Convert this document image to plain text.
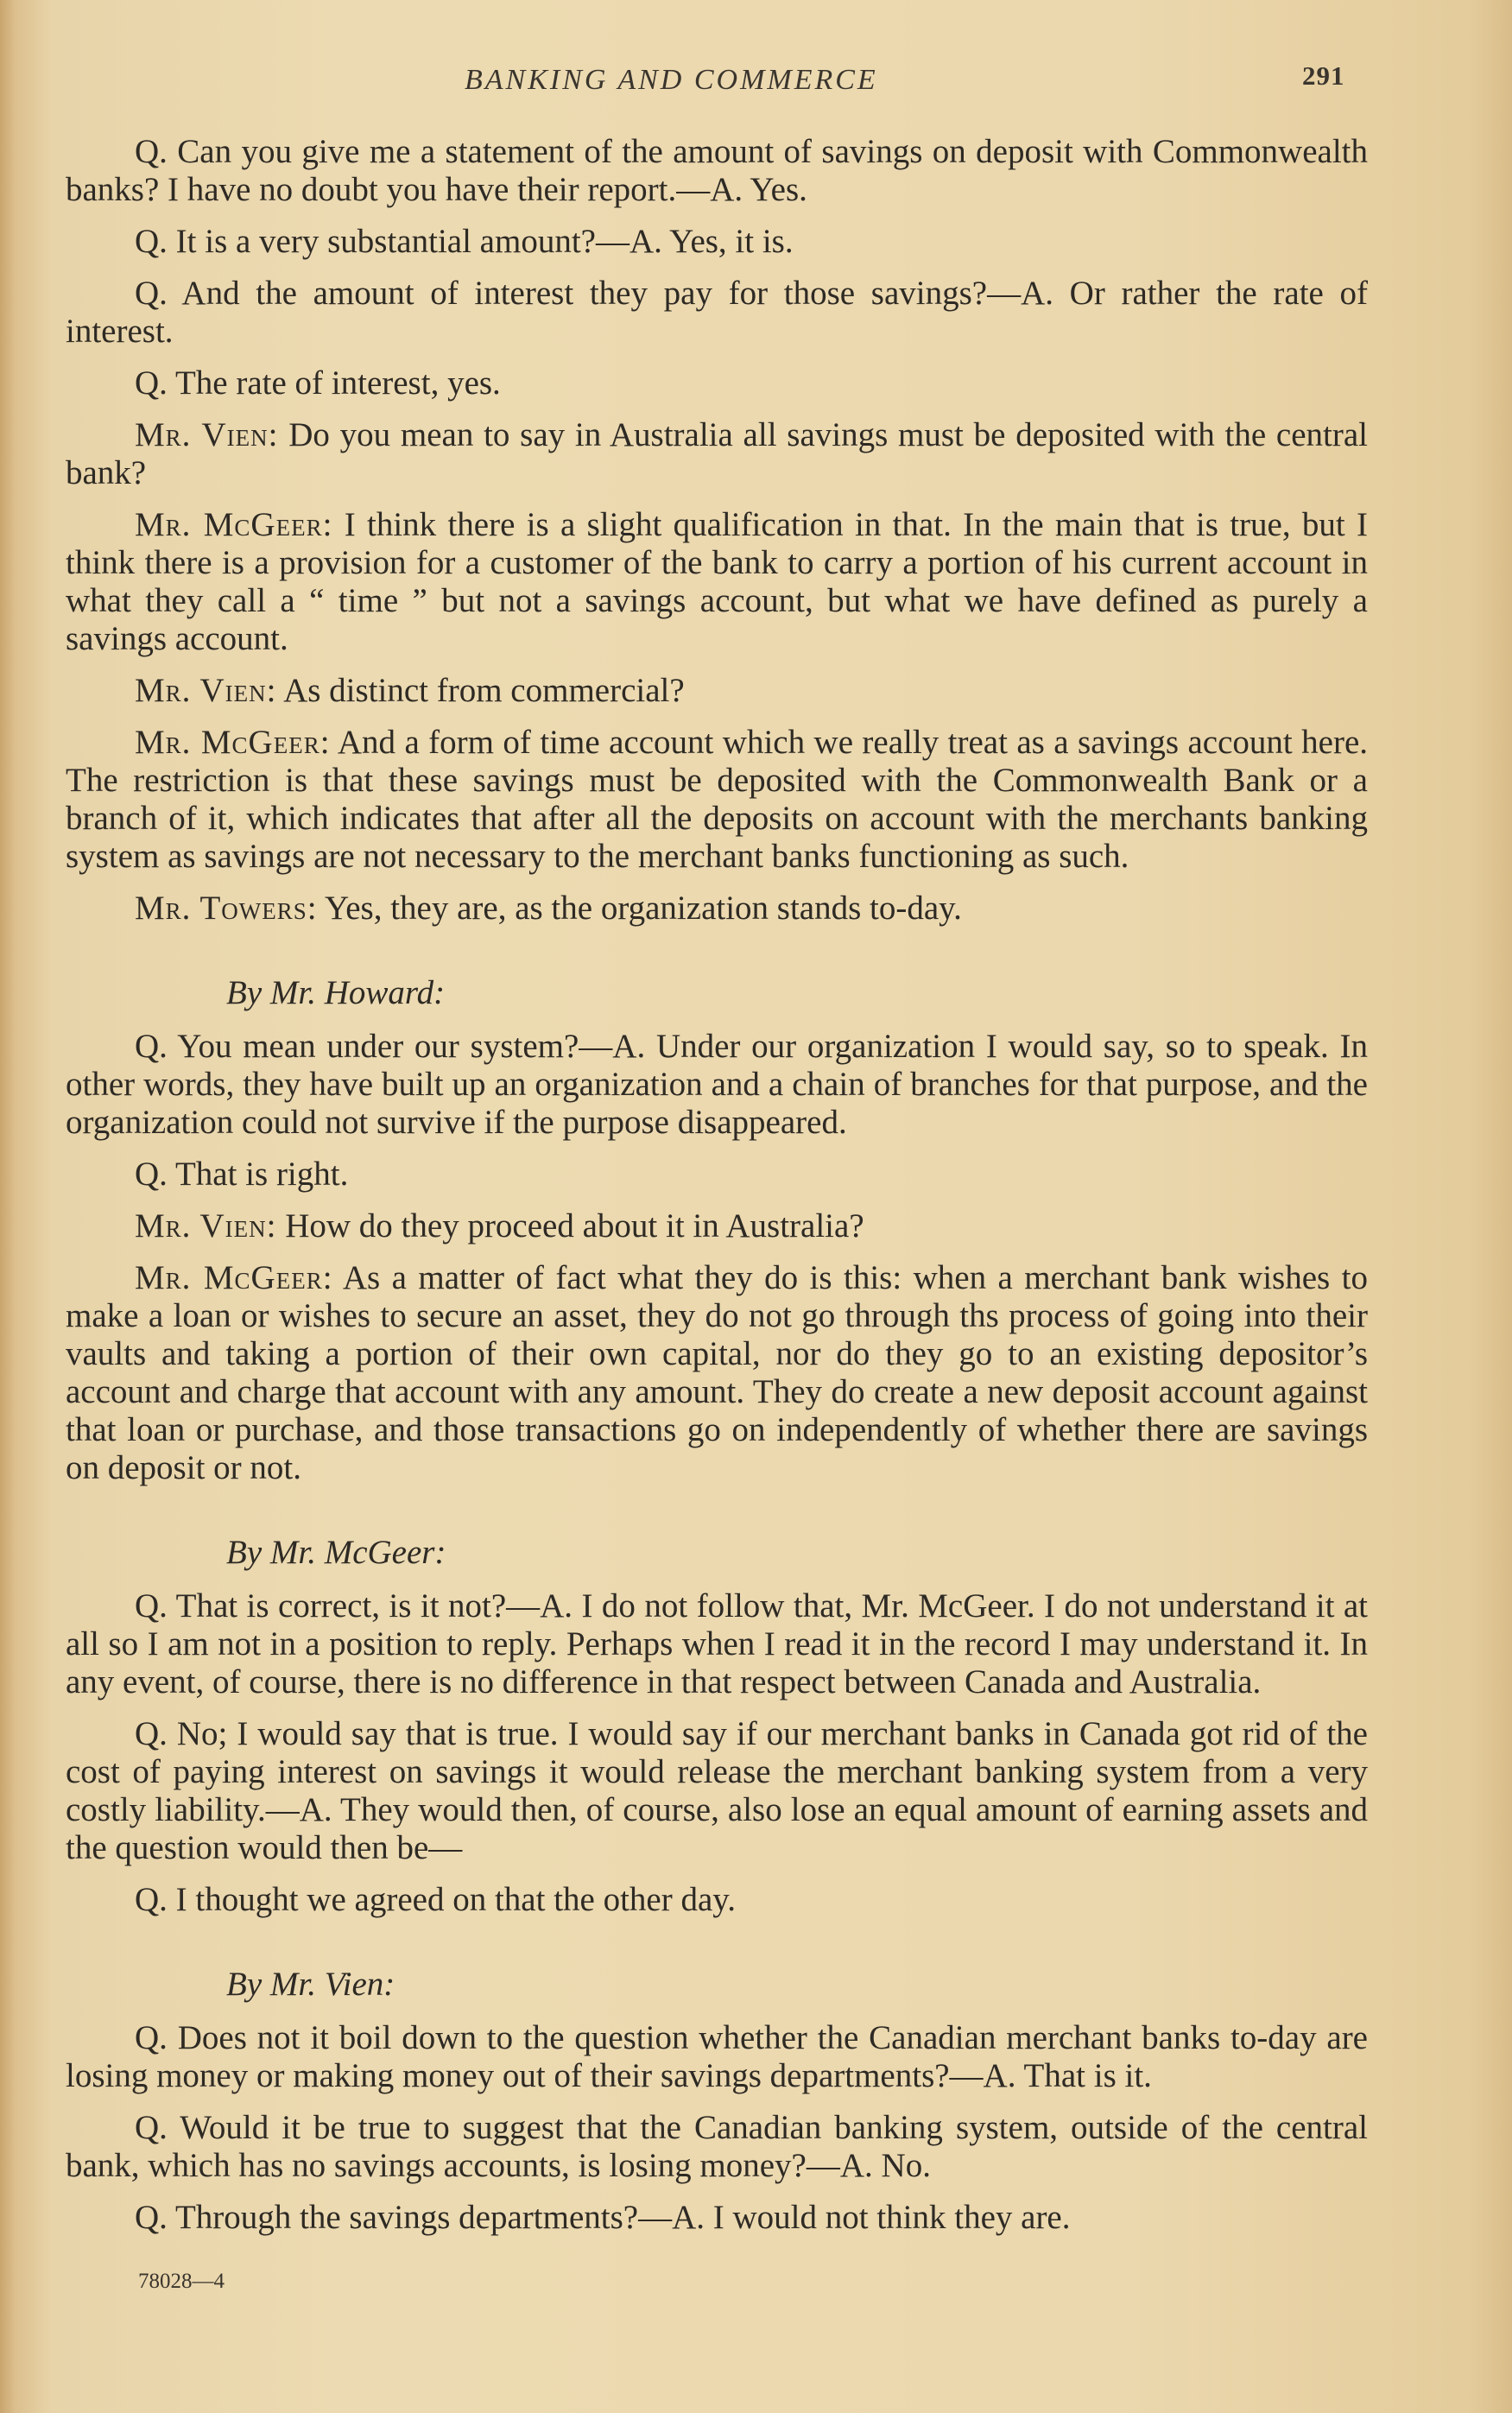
BANKING AND COMMERCE	291

Q. Can you give me a statement of the amount of savings on deposit with Commonwealth banks? I have no doubt you have their report.—A. Yes.

Q. It is a very substantial amount?—A. Yes, it is.

Q. And the amount of interest they pay for those savings?—A. Or rather the rate of interest.

Q. The rate of interest, yes.

Mr. Vien: Do you mean to say in Australia all savings must be deposited with the central bank?

Mr. McGeer: I think there is a slight qualification in that. In the main that is true, but I think there is a provision for a customer of the bank to carry a portion of his current account in what they call a “ time ” but not a savings account, but what we have defined as purely a savings account.

Mr. Vien: As distinct from commercial?

Mr. McGeer: And a form of time account which we really treat as a savings account here. The restriction is that these savings must be deposited with the Commonwealth Bank or a branch of it, which indicates that after all the deposits on account with the merchants banking system as savings are not necessary to the merchant banks functioning as such.

Mr. Towers: Yes, they are, as the organization stands to-day.

By Mr. Howard:

Q. You mean under our system?—A. Under our organization I would say, so to speak. In other words, they have built up an organization and a chain of branches for that purpose, and the organization could not survive if the purpose disappeared.

Q. That is right.

Mr. Vien: How do they proceed about it in Australia?

Mr. McGeer: As a matter of fact what they do is this: when a merchant bank wishes to make a loan or wishes to secure an asset, they do not go through ths process of going into their vaults and taking a portion of their own capital, nor do they go to an existing depositor’s account and charge that account with any amount. They do create a new deposit account against that loan or purchase, and those transactions go on independently of whether there are savings on deposit or not.

By Mr. McGeer:

Q. That is correct, is it not?—A. I do not follow that, Mr. McGeer. I do not understand it at all so I am not in a position to reply. Perhaps when I read it in the record I may understand it. In any event, of course, there is no difference in that respect between Canada and Australia.

Q. No; I would say that is true. I would say if our merchant banks in Canada got rid of the cost of paying interest on savings it would release the merchant banking system from a very costly liability.—A. They would then, of course, also lose an equal amount of earning assets and the question would then be—

Q. I thought we agreed on that the other day.

By Mr. Vien:

Q. Does not it boil down to the question whether the Canadian merchant banks to-day are losing money or making money out of their savings departments?—A. That is it.

Q. Would it be true to suggest that the Canadian banking system, outside of the central bank, which has no savings accounts, is losing money?—A. No.

Q. Through the savings departments?—A. I would not think they are.

78028—4
